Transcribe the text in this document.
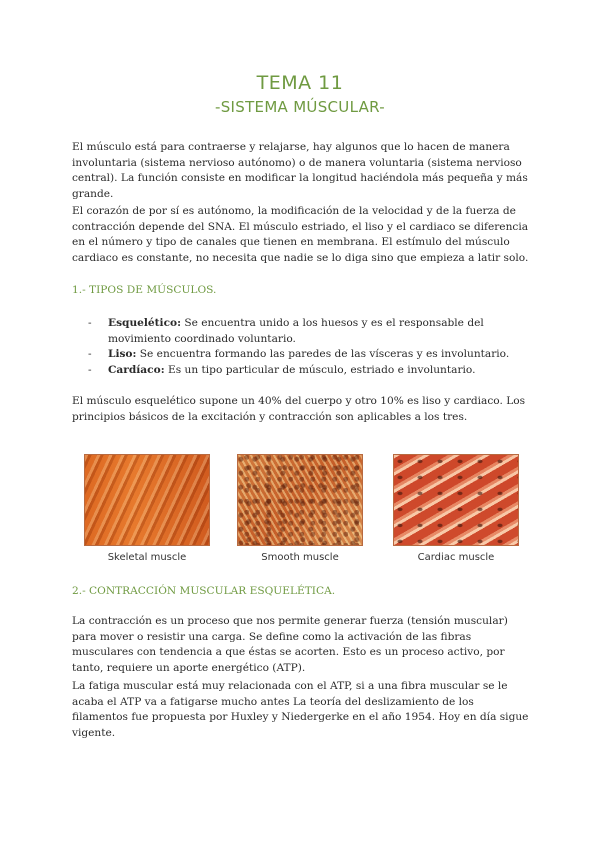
TEMA 11
-SISTEMA MÚSCULAR-
El músculo está para contraerse y relajarse, hay algunos que lo hacen de manera involuntaria (sistema nervioso autónomo) o de manera voluntaria (sistema nervioso central). La función consiste en modificar la longitud haciéndola más pequeña y más grande.
El corazón de por sí es autónomo, la modificación de la velocidad y de la fuerza de contracción depende del SNA. El músculo estriado, el liso y el cardiaco se diferencia en el número y tipo de canales que tienen en membrana. El estímulo del músculo cardiaco es constante, no necesita que nadie se lo diga sino que empieza a latir solo.
1.- TIPOS DE MÚSCULOS.
- Esquelético: Se encuentra unido a los huesos y es el responsable del movimiento coordinado voluntario.
- Liso: Se encuentra formando las paredes de las vísceras y es involuntario.
- Cardíaco: Es un tipo particular de músculo, estriado e involuntario.
El músculo esquelético supone un 40% del cuerpo y otro 10% es liso y cardiaco. Los principios básicos de la excitación y contracción son aplicables a los tres.
Skeletal muscle	Smooth muscle	Cardiac muscle
2.- CONTRACCIÓN MUSCULAR ESQUELÉTICA.
La contracción es un proceso que nos permite generar fuerza (tensión muscular) para mover o resistir una carga. Se define como la activación de las fibras musculares con tendencia a que éstas se acorten. Esto es un proceso activo, por tanto, requiere un aporte energético (ATP).
La fatiga muscular está muy relacionada con el ATP, si a una fibra muscular se le acaba el ATP va a fatigarse mucho antes La teoría del deslizamiento de los filamentos fue propuesta por Huxley y Niedergerke en el año 1954. Hoy en día sigue vigente.
